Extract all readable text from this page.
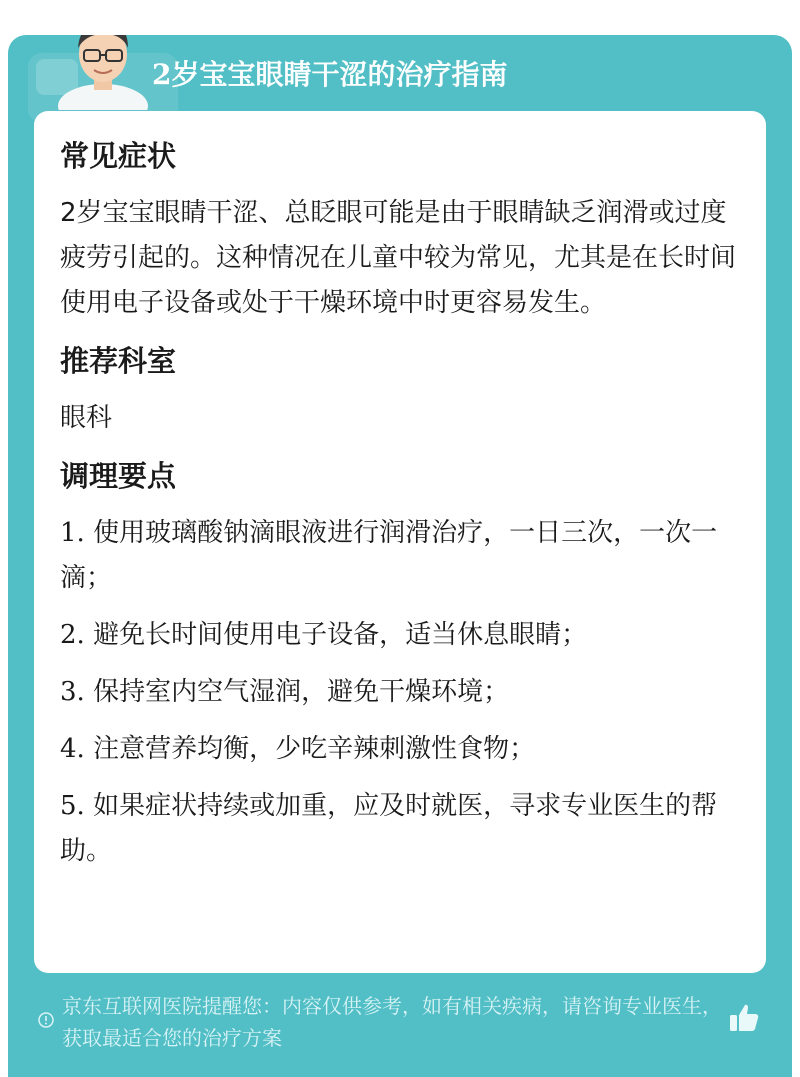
2岁宝宝眼睛干涩的治疗指南
常见症状
2岁宝宝眼睛干涩、总眨眼可能是由于眼睛缺乏润滑或过度疲劳引起的。这种情况在儿童中较为常见，尤其是在长时间使用电子设备或处于干燥环境中时更容易发生。
推荐科室
眼科
调理要点
1. 使用玻璃酸钠滴眼液进行润滑治疗，一日三次，一次一滴；
2. 避免长时间使用电子设备，适当休息眼睛；
3. 保持室内空气湿润，避免干燥环境；
4. 注意营养均衡，少吃辛辣刺激性食物；
5. 如果症状持续或加重，应及时就医，寻求专业医生的帮助。
京东互联网医院提醒您：内容仅供参考，如有相关疾病，请咨询专业医生，获取最适合您的治疗方案
